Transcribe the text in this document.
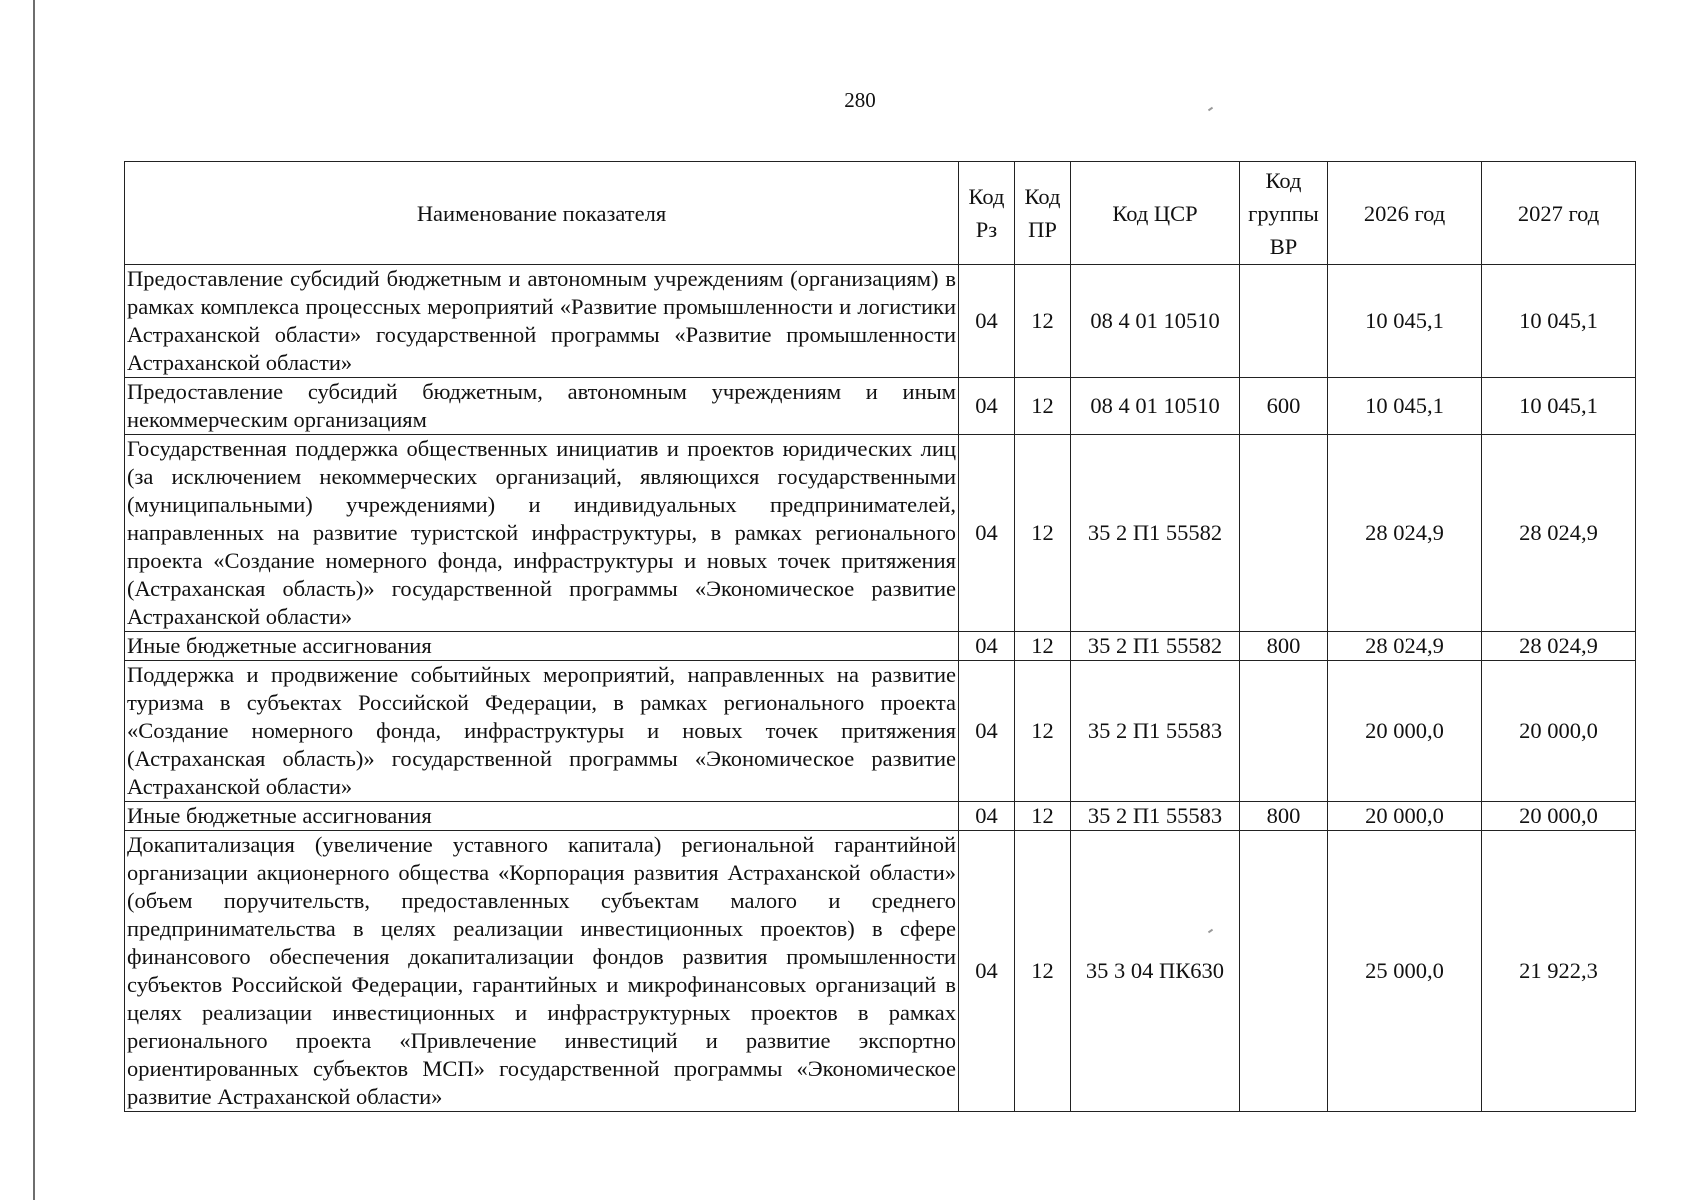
280
Наименование показателя	Код Рз	Код ПР	Код ЦСР	Код группы ВР	2026 год	2027 год
Предоставление субсидий бюджетным и автономным учреждениям (организациям) в рамках комплекса процессных мероприятий «Развитие промышленности и логистики Астраханской области» государственной программы «Развитие промышленности Астраханской области»	04	12	08 4 01 10510		10 045,1	10 045,1
Предоставление субсидий бюджетным, автономным учреждениям и иным некоммерческим организациям	04	12	08 4 01 10510	600	10 045,1	10 045,1
Государственная поддержка общественных инициатив и проектов юридических лиц (за исключением некоммерческих организаций, являющихся государственными (муниципальными) учреждениями) и индивидуальных предпринимателей, направленных на развитие туристской инфраструктуры, в рамках регионального проекта «Создание номерного фонда, инфраструктуры и новых точек притяжения (Астраханская область)» государственной программы «Экономическое развитие Астраханской области»	04	12	35 2 П1 55582		28 024,9	28 024,9
Иные бюджетные ассигнования	04	12	35 2 П1 55582	800	28 024,9	28 024,9
Поддержка и продвижение событийных мероприятий, направленных на развитие туризма в субъектах Российской Федерации, в рамках регионального проекта «Создание номерного фонда, инфраструктуры и новых точек притяжения (Астраханская область)» государственной программы «Экономическое развитие Астраханской области»	04	12	35 2 П1 55583		20 000,0	20 000,0
Иные бюджетные ассигнования	04	12	35 2 П1 55583	800	20 000,0	20 000,0
Докапитализация (увеличение уставного капитала) региональной гарантийной организации акционерного общества «Корпорация развития Астраханской области» (объем поручительств, предоставленных субъектам малого и среднего предпринимательства в целях реализации инвестиционных проектов) в сфере финансового обеспечения докапитализации фондов развития промышленности субъектов Российской Федерации, гарантийных и микрофинансовых организаций в целях реализации инвестиционных и инфраструктурных проектов в рамках регионального проекта «Привлечение инвестиций и развитие экспортно ориентированных субъектов МСП» государственной программы «Экономическое развитие Астраханской области»	04	12	35 3 04 ПК630		25 000,0	21 922,3
